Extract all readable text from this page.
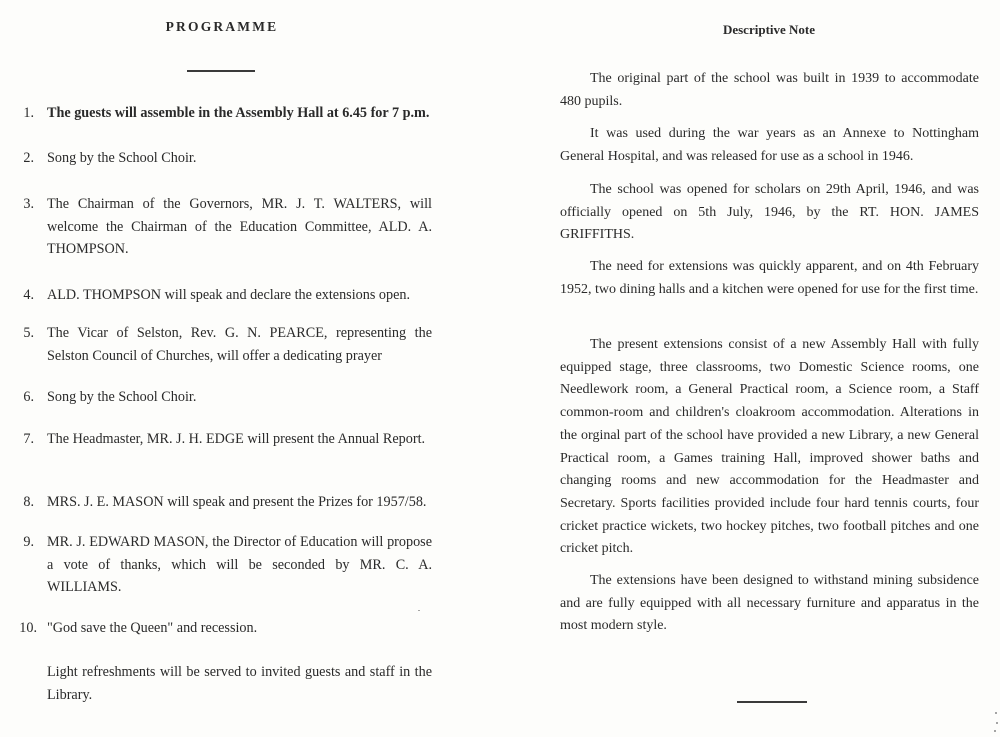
PROGRAMME
1. The guests will assemble in the Assembly Hall at 6.45 for 7 p.m.
2. Song by the School Choir.
3. The Chairman of the Governors, MR. J. T. WALTERS, will welcome the Chairman of the Education Committee, ALD. A. THOMPSON.
4. ALD. THOMPSON will speak and declare the extensions open.
5. The Vicar of Selston, Rev. G. N. PEARCE, representing the Selston Council of Churches, will offer a dedicating prayer
6. Song by the School Choir.
7. The Headmaster, MR. J. H. EDGE will present the Annual Report.
8. MRS. J. E. MASON will speak and present the Prizes for 1957/58.
9. MR. J. EDWARD MASON, the Director of Education will propose a vote of thanks, which will be seconded by MR. C. A. WILLIAMS.
10. "God save the Queen" and recession.
Light refreshments will be served to invited guests and staff in the Library.
Descriptive Note

The original part of the school was built in 1939 to accommodate 480 pupils.

It was used during the war years as an Annexe to Nottingham General Hospital, and was released for use as a school in 1946.

The school was opened for scholars on 29th April, 1946, and was officially opened on 5th July, 1946, by the RT. HON. JAMES GRIFFITHS.

The need for extensions was quickly apparent, and on 4th February 1952, two dining halls and a kitchen were opened for use for the first time.

The present extensions consist of a new Assembly Hall with fully equipped stage, three classrooms, two Domestic Science rooms, one Needlework room, a General Practical room, a Science room, a Staff common-room and children's cloakroom accommodation. Alterations in the orginal part of the school have provided a new Library, a new General Practical room, a Games training Hall, improved shower baths and changing rooms and new accommodation for the Headmaster and Secretary. Sports facilities provided include four hard tennis courts, four cricket practice wickets, two hockey pitches, two football pitches and one cricket pitch.

The extensions have been designed to withstand mining subsidence and are fully equipped with all necessary furniture and apparatus in the most modern style.
